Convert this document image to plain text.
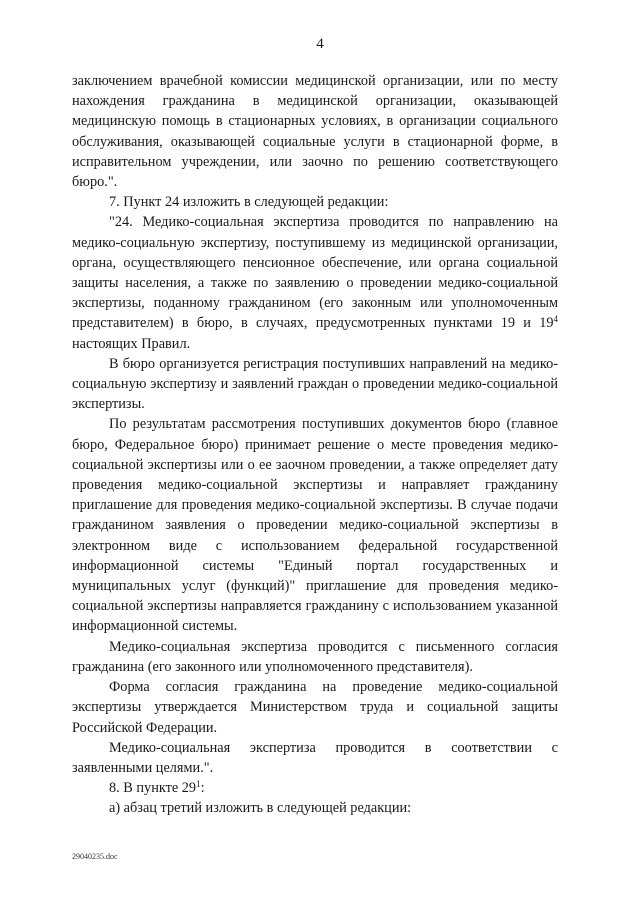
4

заключением врачебной комиссии медицинской организации, или по месту нахождения гражданина в медицинской организации, оказывающей медицинскую помощь в стационарных условиях, в организации социального обслуживания, оказывающей социальные услуги в стационарной форме, в исправительном учреждении, или заочно по решению соответствующего бюро.".

7. Пункт 24 изложить в следующей редакции:

"24. Медико-социальная экспертиза проводится по направлению на медико-социальную экспертизу, поступившему из медицинской организации, органа, осуществляющего пенсионное обеспечение, или органа социальной защиты населения, а также по заявлению о проведении медико-социальной экспертизы, поданному гражданином (его законным или уполномоченным представителем) в бюро, в случаях, предусмотренных пунктами 19 и $19^4$ настоящих Правил.

В бюро организуется регистрация поступивших направлений на медико-социальную экспертизу и заявлений граждан о проведении медико-социальной экспертизы.

По результатам рассмотрения поступивших документов бюро (главное бюро, Федеральное бюро) принимает решение о месте проведения медико-социальной экспертизы или о ее заочном проведении, а также определяет дату проведения медико-социальной экспертизы и направляет гражданину приглашение для проведения медико-социальной экспертизы. В случае подачи гражданином заявления о проведении медико-социальной экспертизы в электронном виде с использованием федеральной государственной информационной системы "Единый портал государственных и муниципальных услуг (функций)" приглашение для проведения медико-социальной экспертизы направляется гражданину с использованием указанной информационной системы.

Медико-социальная экспертиза проводится с письменного согласия гражданина (его законного или уполномоченного представителя).

Форма согласия гражданина на проведение медико-социальной экспертизы утверждается Министерством труда и социальной защиты Российской Федерации.

Медико-социальная экспертиза проводится в соответствии с заявленными целями.".

8. В пункте $29^1$:

а) абзац третий изложить в следующей редакции:

29040235.doc
